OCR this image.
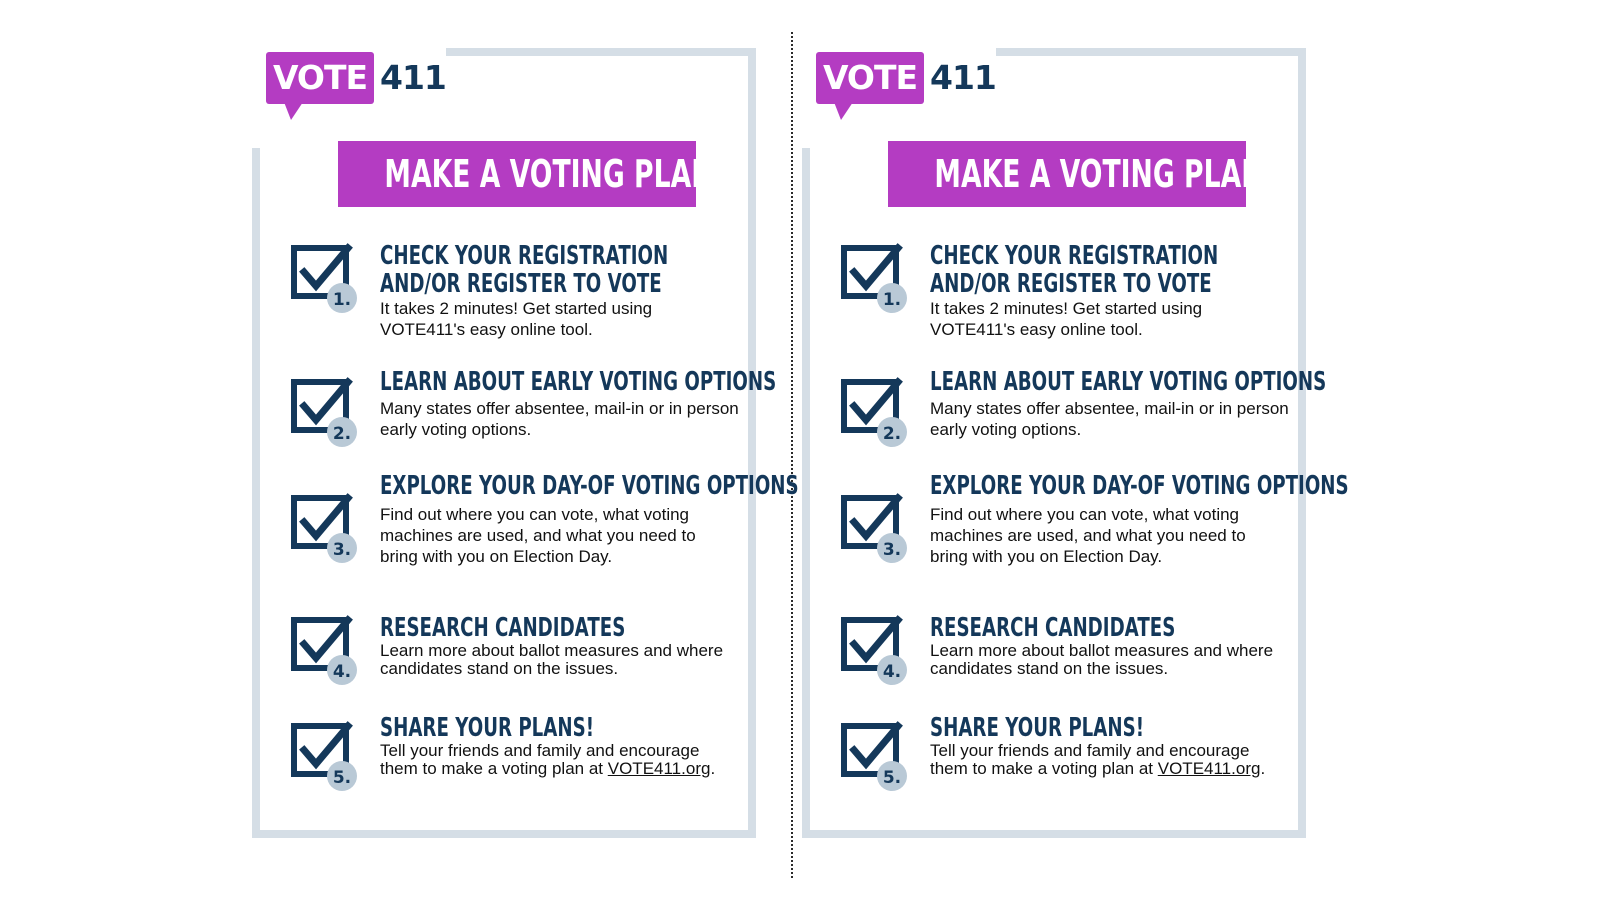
VOTE 411
MAKE A VOTING PLAN
1.
CHECK YOUR REGISTRATION AND/OR REGISTER TO VOTE
It takes 2 minutes! Get started using VOTE411's easy online tool.
2.
LEARN ABOUT EARLY VOTING OPTIONS
Many states offer absentee, mail-in or in person early voting options.
3.
EXPLORE YOUR DAY-OF VOTING OPTIONS
Find out where you can vote, what voting machines are used, and what you need to bring with you on Election Day.
4.
RESEARCH CANDIDATES
Learn more about ballot measures and where candidates stand on the issues.
5.
SHARE YOUR PLANS!
Tell your friends and family and encourage them to make a voting plan at VOTE411.org.
VOTE 411
MAKE A VOTING PLAN
1.
CHECK YOUR REGISTRATION AND/OR REGISTER TO VOTE
It takes 2 minutes! Get started using VOTE411's easy online tool.
2.
LEARN ABOUT EARLY VOTING OPTIONS
Many states offer absentee, mail-in or in person early voting options.
3.
EXPLORE YOUR DAY-OF VOTING OPTIONS
Find out where you can vote, what voting machines are used, and what you need to bring with you on Election Day.
4.
RESEARCH CANDIDATES
Learn more about ballot measures and where candidates stand on the issues.
5.
SHARE YOUR PLANS!
Tell your friends and family and encourage them to make a voting plan at VOTE411.org.
